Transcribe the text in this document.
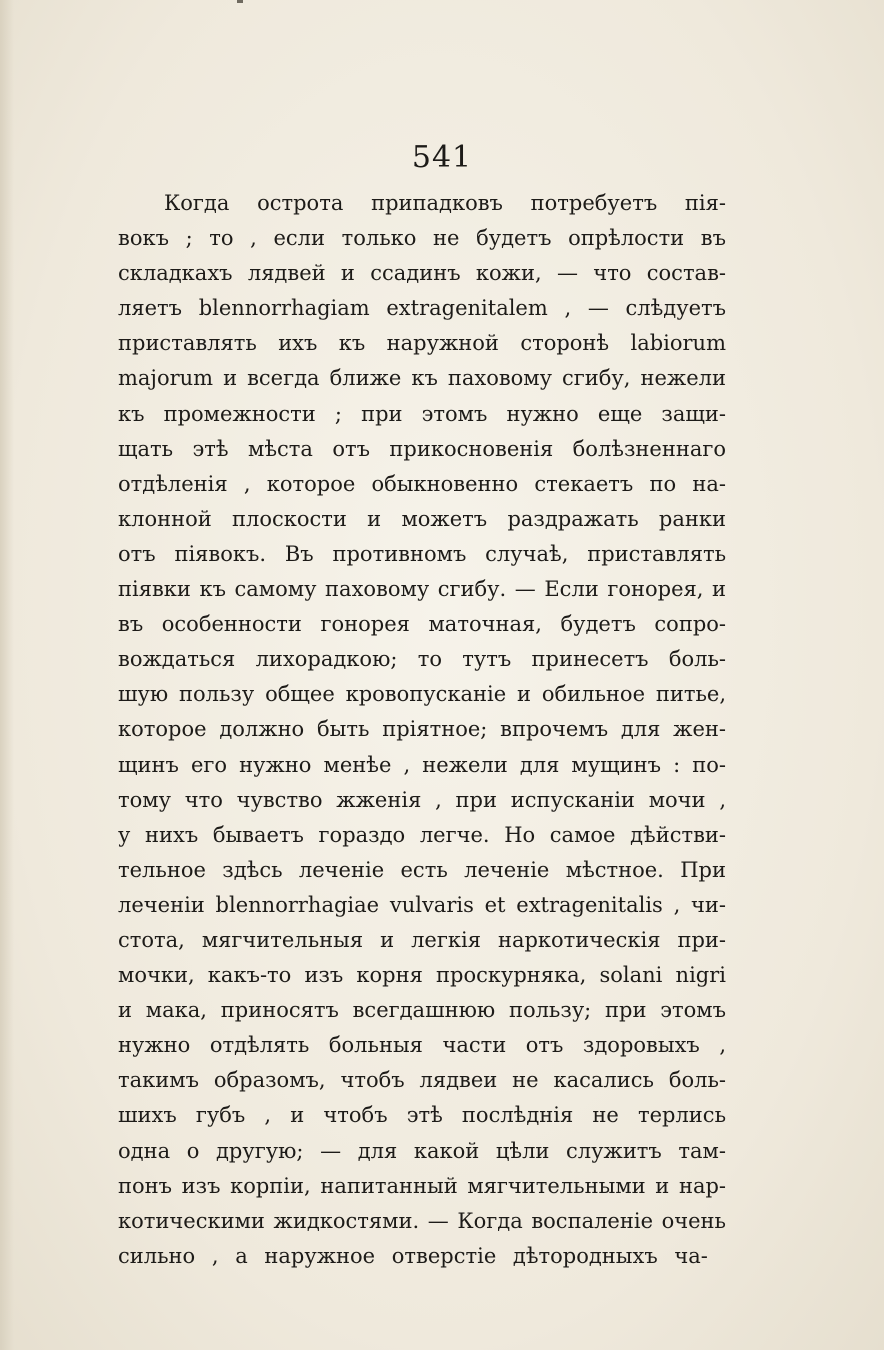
541
Когда острота припадковъ потребуетъ пія-
вокъ ; то , если только не будетъ опрѣлости въ
складкахъ лядвей и ссадинъ кожи, — что состав-
ляетъ blennorrhagiam extragenitalem , — слѣдуетъ
приставлять ихъ къ наружной сторонѣ labiorum
majorum и всегда ближе къ паховому сгибу, нежели
къ промежности ; при этомъ нужно еще защи-
щать этѣ мѣста отъ прикосновенія болѣзненнаго
отдѣленія , которое обыкновенно стекаетъ по на-
клонной плоскости и можетъ раздражать ранки
отъ піявокъ. Въ противномъ случаѣ, приставлять
піявки къ самому паховому сгибу. — Если гонорея, и
въ особенности гонорея маточная, будетъ сопро-
вождаться лихорадкою; то тутъ принесетъ боль-
шую пользу общее кровопусканіе и обильное питье,
которое должно быть пріятное; впрочемъ для жен-
щинъ его нужно менѣе , нежели для мущинъ : по-
тому что чувство жженія , при испусканіи мочи ,
у нихъ бываетъ гораздо легче. Но самое дѣйстви-
тельное здѣсь леченіе есть леченіе мѣстное. При
леченіи blennorrhagiae vulvaris et extragenitalis , чи-
стота, мягчительныя и легкія наркотическія при-
мочки, какъ-то изъ корня проскурняка, solani nigri
и мака, приносятъ всегдашнюю пользу; при этомъ
нужно отдѣлять больныя части отъ здоровыхъ ,
такимъ образомъ, чтобъ лядвеи не касались боль-
шихъ губъ , и чтобъ этѣ послѣднія не терлись
одна о другую; — для какой цѣли служитъ там-
понъ изъ корпіи, напитанный мягчительными и нар-
котическими жидкостями. — Когда воспаленіе очень
сильно , а наружное отверстіе дѣтородныхъ ча-
